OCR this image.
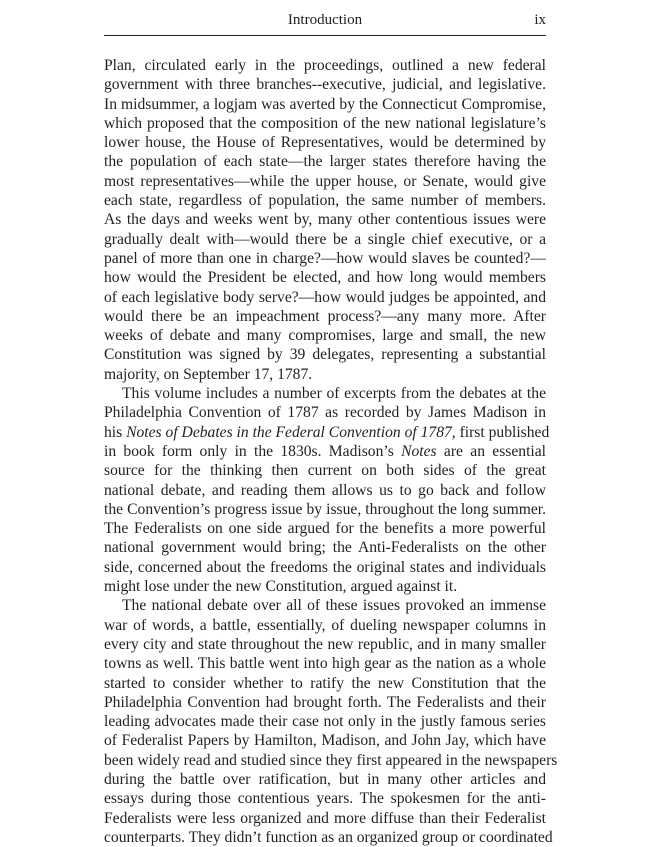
Introduction	ix
Plan, circulated early in the proceedings, outlined a new federal
government with three branches--executive, judicial, and legislative.
In midsummer, a logjam was averted by the Connecticut Compromise,
which proposed that the composition of the new national legislature’s
lower house, the House of Representatives, would be determined by
the population of each state—the larger states therefore having the
most representatives—while the upper house, or Senate, would give
each state, regardless of population, the same number of members.
As the days and weeks went by, many other contentious issues were
gradually dealt with—would there be a single chief executive, or a
panel of more than one in charge?—how would slaves be counted?—
how would the President be elected, and how long would members
of each legislative body serve?—how would judges be appointed, and
would there be an impeachment process?—any many more. After
weeks of debate and many compromises, large and small, the new
Constitution was signed by 39 delegates, representing a substantial
majority, on September 17, 1787.
This volume includes a number of excerpts from the debates at the
Philadelphia Convention of 1787 as recorded by James Madison in
his Notes of Debates in the Federal Convention of 1787, first published
in book form only in the 1830s. Madison’s Notes are an essential
source for the thinking then current on both sides of the great
national debate, and reading them allows us to go back and follow
the Convention’s progress issue by issue, throughout the long summer.
The Federalists on one side argued for the benefits a more powerful
national government would bring; the Anti-Federalists on the other
side, concerned about the freedoms the original states and individuals
might lose under the new Constitution, argued against it.
The national debate over all of these issues provoked an immense
war of words, a battle, essentially, of dueling newspaper columns in
every city and state throughout the new republic, and in many smaller
towns as well. This battle went into high gear as the nation as a whole
started to consider whether to ratify the new Constitution that the
Philadelphia Convention had brought forth. The Federalists and their
leading advocates made their case not only in the justly famous series
of Federalist Papers by Hamilton, Madison, and John Jay, which have
been widely read and studied since they first appeared in the newspapers
during the battle over ratification, but in many other articles and
essays during those contentious years. The spokesmen for the anti-
Federalists were less organized and more diffuse than their Federalist
counterparts. They didn’t function as an organized group or coordinated
